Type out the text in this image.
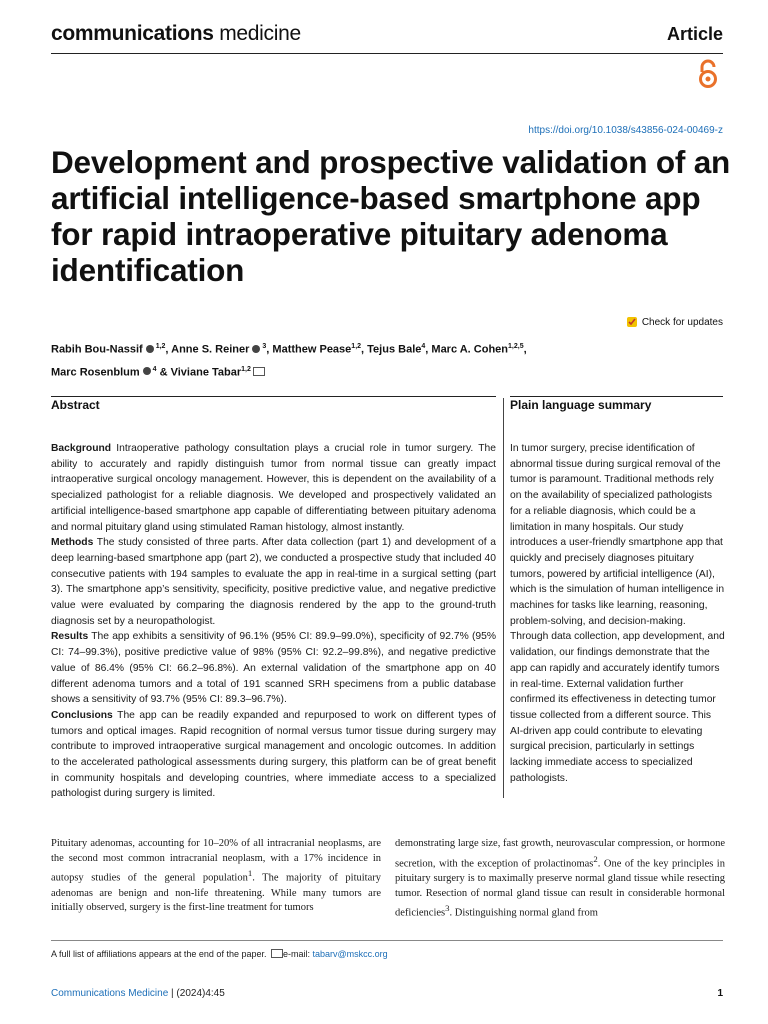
communications medicine	Article
https://doi.org/10.1038/s43856-024-00469-z
Development and prospective validation of an artificial intelligence-based smartphone app for rapid intraoperative pituitary adenoma identification
Check for updates
Rabih Bou-Nassif $^{1,2}$, Anne S. Reiner $^3$, Matthew Pease$^{1,2}$, Tejus Bale$^4$, Marc A. Cohen$^{1,2,5}$,
Marc Rosenblum $^4$ & Viviane Tabar$^{1,2}$
Abstract	Plain language summary

Background Intraoperative pathology consultation plays a crucial role in tumor surgery. The ability to accurately and rapidly distinguish tumor from normal tissue can greatly impact intraoperative surgical oncology management. However, this is dependent on the availability of a specialized pathologist for a reliable diagnosis. We developed and prospectively validated an artificial intelligence-based smartphone app capable of differentiating between pituitary adenoma and normal pituitary gland using stimulated Raman histology, almost instantly.

Methods The study consisted of three parts. After data collection (part 1) and development of a deep learning-based smartphone app (part 2), we conducted a prospective study that included 40 consecutive patients with 194 samples to evaluate the app in real-time in a surgical setting (part 3). The smartphone app’s sensitivity, specificity, positive predictive value, and negative predictive value were evaluated by comparing the diagnosis rendered by the app to the ground-truth diagnosis set by a neuropathologist.

Results The app exhibits a sensitivity of 96.1% (95% CI: 89.9–99.0%), specificity of 92.7% (95% CI: 74–99.3%), positive predictive value of 98% (95% CI: 92.2–99.8%), and negative predictive value of 86.4% (95% CI: 66.2–96.8%). An external validation of the smartphone app on 40 different adenoma tumors and a total of 191 scanned SRH specimens from a public database shows a sensitivity of 93.7% (95% CI: 89.3–96.7%).

Conclusions The app can be readily expanded and repurposed to work on different types of tumors and optical images. Rapid recognition of normal versus tumor tissue during surgery may contribute to improved intraoperative surgical management and oncologic outcomes. In addition to the accelerated pathological assessments during surgery, this platform can be of great benefit in community hospitals and developing countries, where immediate access to a specialized pathologist during surgery is limited.

In tumor surgery, precise identification of abnormal tissue during surgical removal of the tumor is paramount. Traditional methods rely on the availability of specialized pathologists for a reliable diagnosis, which could be a limitation in many hospitals. Our study introduces a user-friendly smartphone app that quickly and precisely diagnoses pituitary tumors, powered by artificial intelligence (AI), which is the simulation of human intelligence in machines for tasks like learning, reasoning, problem-solving, and decision-making. Through data collection, app development, and validation, our findings demonstrate that the app can rapidly and accurately identify tumors in real-time. External validation further confirmed its effectiveness in detecting tumor tissue collected from a different source. This AI-driven app could contribute to elevating surgical precision, particularly in settings lacking immediate access to specialized pathologists.

Pituitary adenomas, accounting for 10–20% of all intracranial neoplasms, are the second most common intracranial neoplasm, with a 17% incidence in autopsy studies of the general population$^1$. The majority of pituitary adenomas are benign and non-life threatening. While many tumors are initially observed, surgery is the first-line treatment for tumors

demonstrating large size, fast growth, neurovascular compression, or hormone secretion, with the exception of prolactinomas$^2$. One of the key principles in pituitary surgery is to maximally preserve normal gland tissue while resecting tumor. Resection of normal gland tissue can result in considerable hormonal deficiencies$^3$. Distinguishing normal gland from

A full list of affiliations appears at the end of the paper. e-mail: tabarv@mskcc.org
Communications Medicine | (2024)4:45	1
